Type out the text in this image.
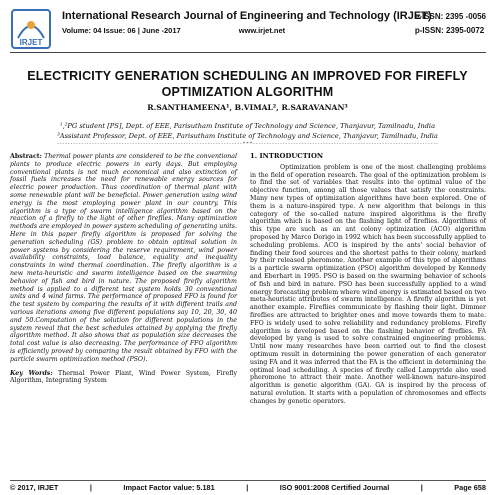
IRJET
International Research Journal of Engineering and Technology (IRJET)
Volume: 04 Issue: 06 | June -2017	www.irjet.net
e-ISSN: 2395 -0056
p-ISSN: 2395-0072
ELECTRICITY GENERATION SCHEDULING AN IMPROVED FOR FIREFLY
OPTIMIZATION ALGORITHM
R.SANTHAMEENA¹, B.VIMAL², R.SARAVANAN³
¹,²PG student [PS], Dept. of EEE, Parisutham Institute of Technology and Science, Thanjavur, Tamilnadu, India
³Assistant Professor, Dept. of EEE, Parisutham Institute of Technology and Science, Thanjavur, Tamilnadu, India
---------------------------------------------------------------------***---------------------------------------------------------------------
Abstract: Thermal power plants are considered to be the conventional plants to produce electric powers in early days. But employing conventional plants is not much economical and also extinction of fossil fuels increases the need for renewable energy sources for electric power production. Thus coordination of thermal plant with some renewable plant will be beneficial. Power generation using wind energy is the most employing power plant in our country. This algorithm is a type of swarm intelligence algorithm based on the reaction of a firefly to the light of other fireflies. Many optimization methods are employed in power system scheduling of generating units. Here in this paper firefly algorithm is proposed for solving the generation scheduling (GS) problem to obtain optimal solution in power systems by considering the reserve requirement, wind power availability constraints, load balance, equality and inequality constraints in wind thermal coordination. The firefly algorithm is a new meta-heuristic and swarm intelligence based on the swarming behavior of fish and bird in nature. The proposed firefly algorithm method is applied to a different test system holds 30 conventional units and 4 wind farms. The performance of proposed FFO is found for the test system by comparing the results of it with different trails and various iterations among five different populations say 10, 20, 30, 40 and 50.Computation of the solution for different populations in the system reveal that the best schedules attained by applying the firefly algorithm method. It also shows that as population size decreases the total cost value is also decreasing. The performance of FFO algorithm is efficiently proved by comparing the result obtained by FFO with the particle swarm optimization method (PSO).
Key Words: Thermal Power Plant, Wind Power System, Firefly Algorithm, Integrating System
1. INTRODUCTION
Optimization problem is one of the most challenging problems in the field of operation research. The goal of the optimization problem is to find the set of variables that results into the optimal value of the objective function, among all those values that satisfy the constraints. Many new types of optimization algorithms have been explored. One of them is a nature-inspired type. A new algorithm that belongs in this category of the so-called nature inspired algorithms is the firefly algorithm which is based on the flashing light of fireflies. Algorithms of this type are such as an ant colony optimization (ACO) algorithm proposed by Marco Dorigo in 1992 which has been successfully applied to scheduling problems. ACO is inspired by the ants' social behavior of finding their food sources and the shortest paths to their colony, marked by their released pheromone. Another example of this type of algorithms is a particle swarm optimization (PSO) algorithm developed by Kennedy and Eberhart in 1995. PSO is based on the swarming behavior of schools of fish and bird in nature. PSO has been successfully applied to a wind energy forecasting problem where wind energy is estimated based on two meta-heuristic attributes of swarm intelligence. A firefly algorithm is yet another example. Fireflies communicate by flashing their light. Dimmer fireflies are attracted to brighter ones and move towards them to mate. FFO is widely used to solve reliability and redundancy problems. Firefly algorithm is developed based on the flashing behavior of fireflies. FA developed by yang is used to solve constrained engineering problems. Until now many researches have been carried out to find the closest optimum result in determining the power generation of each generator using FA and it was inferred that the FA is the efficient in determining the optimal load scheduling. A species of firefly called Lampyride also used pheromone to attract their mate. Another well-known nature-inspired algorithm is genetic algorithm (GA). GA is inspired by the process of natural evolution. It starts with a population of chromosomes and effects changes by genetic operators.
© 2017, IRJET	|	Impact Factor value: 5.181	|	ISO 9001:2008 Certified Journal	|	Page 658
